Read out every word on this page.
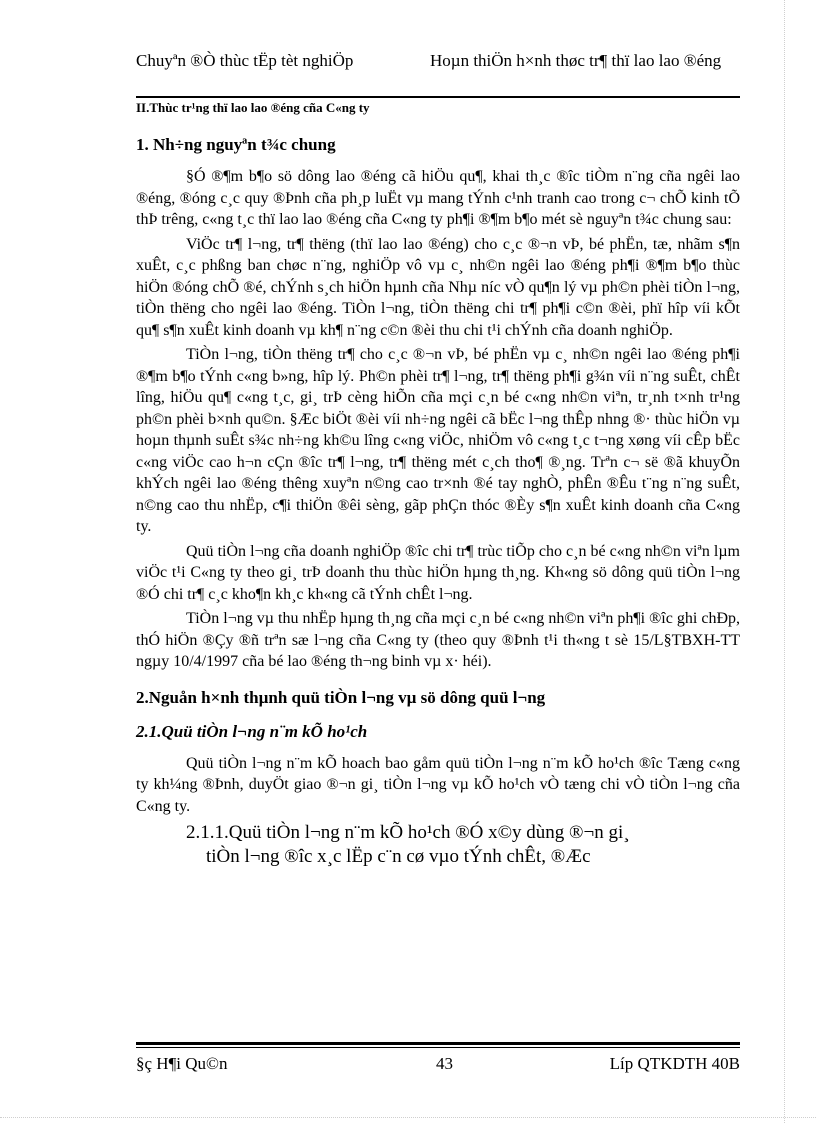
Chuyªn ®Ò thùc tËp tèt nghiÖp	Hoµn thiÖn h×nh thøc tr¶ thï lao lao ®éng
II.Thùc tr¹ng thï lao lao ®éng cña C«ng ty
1. Nh÷ng nguyªn t¾c chung

§Ó ®¶m b¶o sö dông lao ®éng cã hiÖu qu¶, khai th¸c ®îc tiÒm n¨ng cña ngêi lao ®éng, ®óng c¸c quy ®Þnh cña ph¸p luËt vµ mang tÝnh c¹nh tranh cao trong c¬ chÕ kinh tÕ thÞ trêng, c«ng t¸c thï lao lao ®éng cña C«ng ty ph¶i ®¶m b¶o mét sè nguyªn t¾c chung sau:

ViÖc tr¶ l¬ng, tr¶ thëng (thï lao lao ®éng) cho c¸c ®¬n vÞ, bé phËn, tæ, nhãm s¶n xuÊt, c¸c phßng ban chøc n¨ng, nghiÖp vô vµ c¸ nh©n ngêi lao ®éng ph¶i ®¶m b¶o thùc hiÖn ®óng chÕ ®é, chÝnh s¸ch hiÖn hµnh cña Nhµ níc vÒ qu¶n lý vµ ph©n phèi tiÒn l¬ng, tiÒn thëng cho ngêi lao ®éng. TiÒn l¬ng, tiÒn thëng chi tr¶ ph¶i c©n ®èi, phï hîp víi kÕt qu¶ s¶n xuÊt kinh doanh vµ kh¶ n¨ng c©n ®èi thu chi t¹i chÝnh cña doanh nghiÖp.

TiÒn l¬ng, tiÒn thëng tr¶ cho c¸c ®¬n vÞ, bé phËn vµ c¸ nh©n ngêi lao ®éng ph¶i ®¶m b¶o tÝnh c«ng b»ng, hîp lý. Ph©n phèi tr¶ l¬ng, tr¶ thëng ph¶i g¾n víi n¨ng suÊt, chÊt lîng, hiÖu qu¶ c«ng t¸c, gi¸ trÞ cèng hiÕn cña mçi c¸n bé c«ng nh©n viªn, tr¸nh t×nh tr¹ng ph©n phèi b×nh qu©n. §Æc biÖt ®èi víi nh÷ng ngêi cã bËc l¬ng thÊp nhng ®· thùc hiÖn vµ hoµn thµnh suÊt s¾c nh÷ng kh©u lîng c«ng viÖc, nhiÖm vô c«ng t¸c t¬ng xøng víi cÊp bËc c«ng viÖc cao h¬n cÇn ®îc tr¶ l¬ng, tr¶ thëng mét c¸ch tho¶ ®¸ng. Trªn c¬ së ®ã khuyÕn khÝch ngêi lao ®éng thêng xuyªn n©ng cao tr×nh ®é tay nghÒ, phÊn ®Êu t¨ng n¨ng suÊt, n©ng cao thu nhËp, c¶i thiÖn ®êi sèng, gãp phÇn thóc ®Èy s¶n xuÊt kinh doanh cña C«ng ty.

Quü tiÒn l¬ng cña doanh nghiÖp ®îc chi tr¶ trùc tiÕp cho c¸n bé c«ng nh©n viªn lµm viÖc t¹i C«ng ty theo gi¸ trÞ doanh thu thùc hiÖn hµng th¸ng. Kh«ng sö dông quü tiÒn l¬ng ®Ó chi tr¶ c¸c kho¶n kh¸c kh«ng cã tÝnh chÊt l¬ng.

TiÒn l¬ng vµ thu nhËp hµng th¸ng cña mçi c¸n bé c«ng nh©n viªn ph¶i ®îc ghi chÐp, thÓ hiÖn ®Çy ®ñ trªn sæ l¬ng cña C«ng ty (theo quy ®Þnh t¹i th«ng t sè 15/L§TBXH-TT ngµy 10/4/1997 cña bé lao ®éng th¬ng binh vµ x· héi).

2.Nguån h×nh thµnh quü tiÒn l¬ng vµ sö dông quü l¬ng
2.1.Quü tiÒn l¬ng n¨m kÕ ho¹ch

Quü tiÒn l¬ng n¨m kÕ hoach bao gåm quü tiÒn l¬ng n¨m kÕ ho¹ch ®îc Tæng c«ng ty kh¼ng ®Þnh, duyÖt giao ®¬n gi¸ tiÒn l¬ng vµ kÕ ho¹ch vÒ tæng chi vÒ tiÒn l¬ng cña C«ng ty.

2.1.1.Quü tiÒn l¬ng n¨m kÕ ho¹ch ®Ó x©y dùng ®¬n gi¸
tiÒn l¬ng ®îc x¸c lËp c¨n cø vµo tÝnh chÊt, ®Æc

§ç H¶i Qu©n	43	Líp QTKDTH 40B
